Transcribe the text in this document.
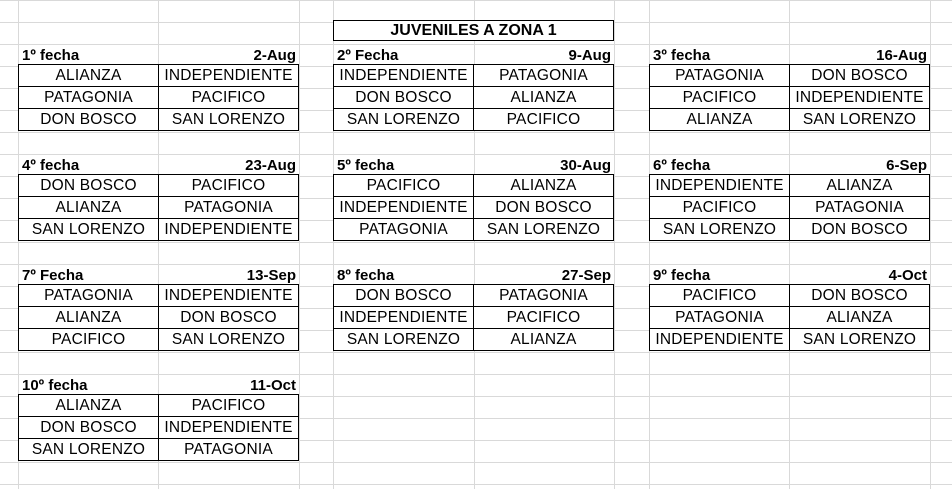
JUVENILES A ZONA 1
1º fecha	2-Aug
ALIANZA	INDEPENDIENTE
PATAGONIA	PACIFICO
DON BOSCO	SAN LORENZO
2º Fecha	9-Aug
INDEPENDIENTE	PATAGONIA
DON BOSCO	ALIANZA
SAN LORENZO	PACIFICO
3º fecha	16-Aug
PATAGONIA	DON BOSCO
PACIFICO	INDEPENDIENTE
ALIANZA	SAN LORENZO
4º fecha	23-Aug
DON BOSCO	PACIFICO
ALIANZA	PATAGONIA
SAN LORENZO	INDEPENDIENTE
5º fecha	30-Aug
PACIFICO	ALIANZA
INDEPENDIENTE	DON BOSCO
PATAGONIA	SAN LORENZO
6º fecha	6-Sep
INDEPENDIENTE	ALIANZA
PACIFICO	PATAGONIA
SAN LORENZO	DON BOSCO
7º Fecha	13-Sep
PATAGONIA	INDEPENDIENTE
ALIANZA	DON BOSCO
PACIFICO	SAN LORENZO
8º fecha	27-Sep
DON BOSCO	PATAGONIA
INDEPENDIENTE	PACIFICO
SAN LORENZO	ALIANZA
9º fecha	4-Oct
PACIFICO	DON BOSCO
PATAGONIA	ALIANZA
INDEPENDIENTE	SAN LORENZO
10º fecha	11-Oct
ALIANZA	PACIFICO
DON BOSCO	INDEPENDIENTE
SAN LORENZO	PATAGONIA
